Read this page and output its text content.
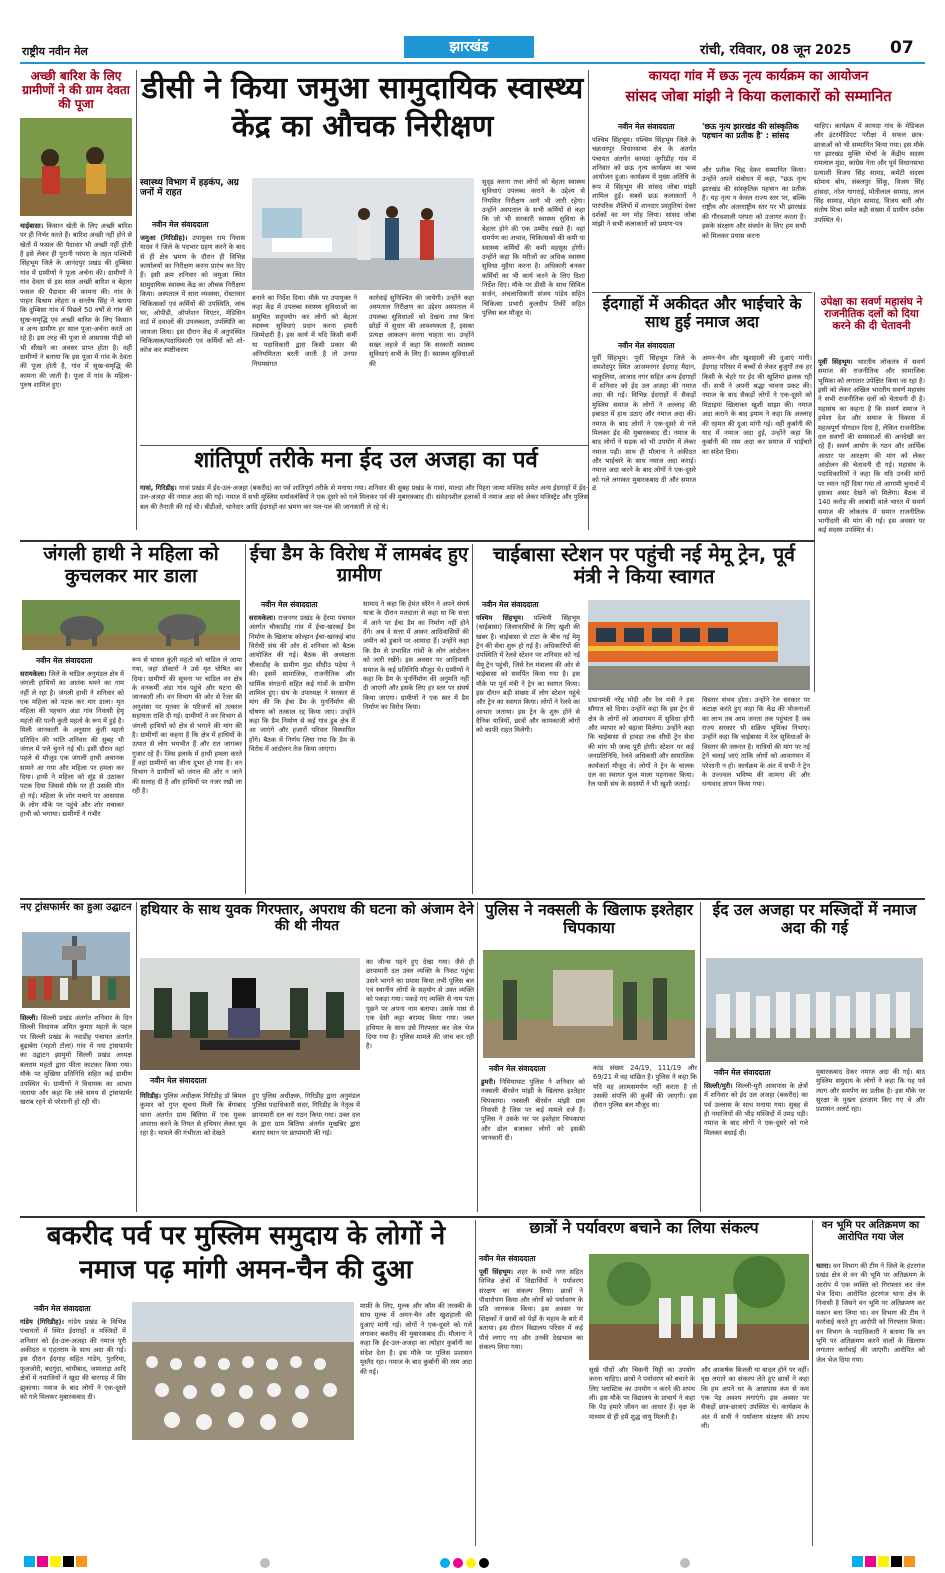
राष्ट्रीय नवीन मेल	झारखंड	रांची, रविवार, 08 जून 2025 07
अच्छी बारिश के लिए ग्रामीणों ने की ग्राम देवता की पूजा
चाईबासा। किसान खेती के लिए अच्छी बारिश पर ही निर्भर करते हैं। बारिश अच्छी नहीं होने से खेतों में फसल की पैदावार भी अच्छी नहीं होती है इसे लेकर ही पुरानी परंपरा के तहत पश्चिमी सिंहभूम जिले के आनंदपुर प्रखंड की दुम्बिसा गांव में ग्रामीणों ने पूजा अर्चना की। ग्रामीणों ने गांव देवता से इस साल अच्छी बारिश व बेहतर फसल की पैदावार की कामना की। गांव के पाहन बिश्राम लोहरा व सन्तोष सिंह ने बताया कि दुम्बिसा गांव में पिछले 50 वर्षों से गांव की सुख-समृद्धि एवं अच्छी बारिश के लिए किसान व अन्य ग्रामीण हर साल पूजा-अर्चना करते आ रहे हैं। इस तरह की पूजा से आसपास पीढ़ी को भी सीखने का अवसर प्राप्त होता है। वहीं ग्रामीणों ने बताया कि इस पूजा में गांव के देवता की पूजा होती है, गांव में सुख-समृद्धि की कामना की जाती है। पूजा में गांव के महिला-पुरुष शामिल हुए।
डीसी ने किया जमुआ सामुदायिक स्वास्थ्य केंद्र का औचक निरीक्षण
स्वास्थ्य विभाग में हड़कंप, अग्र जनों में राहत
नवीन मेल संवाददाता
जमुआ (गिरिडीह)। उपायुक्त राम निवास यादव ने जिले के पदभार ग्रहण करने के बाद से ही क्षेत्र भ्रमण के दौरान ही विभिन्न कार्यालयों का निरीक्षण करना प्रारंभ कर दिए हैं। इसी क्रम शनिवार को जमुआ स्थित सामुदायिक स्वास्थ्य केंद्र का औचक निरीक्षण किया। अस्पताल में सारा व्यवस्था, रोस्टरवार चिकित्सकों एवं कर्मियों की उपस्थिति, जांच घर, ओपीडी, ऑपरेशन थिएटर, मेडिसिन वार्ड में दवाओं की उपलब्धता, उपस्थिति का जायजा लिया। इस दौरान केंद्र में अनुपस्थित चिकित्सक/पदाधिकारी एवं कर्मियों को शो-कॉज कर स्पष्टीकरण
बनाने का निर्देश दिया। मौके पर उपायुक्त ने कहा केंद्र में उपलब्ध स्वास्थ्य सुविधाओं का समुचित सदुपयोग कर लोगों को बेहतर स्वास्थ्य सुविधाएं प्रदान करना हमारी जिम्मेदारी है। इस कार्य में यदि किसी कर्मी या पदाधिकारी द्वारा किसी प्रकार की अनियमितता बरती जाती है तो उनपर नियमसंगत
कार्रवाई सुनिश्चित की जायेगी। उन्होंने कहा अस्पताल निरीक्षण का उद्देश्य अस्पताल में उपलब्ध सुविधाओं को देखना तथा बिना छोड़ों में सुधार की आवश्यकता है, इसका प्रत्यक्ष आकलन करना चाहता था। उन्होंने सख्त लहजे में कहा कि सरकारी स्वास्थ्य सुविधाएं सभी के लिए हैं। स्वास्थ्य सुविधाओं की
सुदृढ़ करना तथा लोगों को बेहतर स्वास्थ्य सुविधाएं उपलब्ध कराने के उद्देश्य से नियमित निरीक्षण आगे भी जारी रहेगा। उन्होंने अस्पताल के सभी कर्मियों से कहा कि जो भी सरकारी स्वास्थ्य सुविधा के बेहतर होने की एक उम्मीद रखते हैं। वहां समर्पण का अभाव, चिकित्सकों की कमी या स्वास्थ्य कर्मियों की कमी महसूस होगी। उन्होंने कहा कि मरीजों का अधिक स्वास्थ्य सुविधा मुहैया करना है। अधिकारी बनकर कर्मियों का भी कार्य करने के लिए दिशा निर्देश दिए। मौके पर डीसी के साथ सिविल सर्जन, अंचलाधिकारी संजय पांडेय सहित चिकित्सा प्रभारी कुलदीप तिर्की सहित पुलिस बल मौजूद थे।
कायदा गांव में छऊ नृत्य कार्यक्रम का आयोजन
सांसद जोबा मांझी ने किया कलाकारों को सम्मानित
नवीन मेल संवाददाता
पश्चिम सिंहभूम। पश्चिम सिंहभूम जिले के चक्रधरपुर विधानसभा क्षेत्र के अंतर्गत पंचायत अंतर्गत कायदा जुगीडीह गांव में शनिवार को छऊ नृत्य कार्यक्रम का भव्य आयोजन हुआ। कार्यक्रम में मुख्य अतिथि के रूप में सिंहभूम की सांसद जोबा मांझी शामिल हुईं। सबसे छऊ कलाकारों ने पारंपरिक शैलियों में शानदार प्रस्तुतियां देकर दर्शकों का मन मोह लिया। सांसद जोबा मांझी ने सभी कलाकारों को प्रमाण-पत्र
'छऊ नृत्य झारखंड की सांस्कृतिक पहचान का प्रतीक है' : सांसद
और प्रतीक चिह्न देकर सम्मानित किया। उन्होंने अपने संबोधन में कहा, "छऊ नृत्य झारखंड की सांस्कृतिक पहचान का प्रतीक है। यह नृत्य न केवल राज्य स्तर पर, बल्कि राष्ट्रीय और अंतरराष्ट्रीय स्तर पर भी झारखंड की गौरवशाली परंपरा को उजागर करता है। इसके संरक्षण और संवर्धन के लिए हम सभी को मिलकर प्रयास करना
चाहिए। कार्यक्रम में कायदा गांव के मेडिकल और इंटरमीडिएट परीक्षा में सफल छात्र-छात्राओं को भी सम्मानित किया गया। इस मौके पर झारखंड मुक्ति मोर्चा के केंद्रीय सदस्य रामलाल मुंडा, कांग्रेस नेता और पूर्व विधानसभा प्रत्याशी विजय सिंह सामड़, कमेटी सदस्य सोमाय बोय, संबलपुर सिंकू, विजय सिंह हांसदा, नरेश गागराई, मोतीलाल सामाड़, लाल सिंह सामाड़, मोहन सामाड़, विजय बारी और संतोष मिश्रा समेत बड़ी संख्या में ग्रामीण दर्शक उपस्थित थे।
ईदगाहों में अकीदत और भाईचारे के साथ हुई नमाज अदा
नवीन मेल संवाददाता
पूर्वी सिंहभूम। पूर्वी सिंहभूम जिले के जमशेदपुर स्थित आजमनगर ईदगाह मैदान, चाकुलिया, आजाद नगर सहित अन्य ईदगाहों में शनिवार को ईद उल अजहा की नमाज अदा की गई। विभिन्न ईदगाहों में सैकड़ों मुस्लिम समाज के लोगों ने अल्लाह की इबादत में हाथ उठाए और नमाज अदा की। नमाज के बाद लोगों ने एक-दूसरे से गले मिलकर ईद की मुबारकबाद दी। नमाज के बाद लोगों ने सड़क को भी उपयोग में लेकर नमाज पढ़ी। साथ ही मौलाना ने अकीदत और भाईचारे के साथ नमाज अदा कराई। नमाज अदा करने के बाद लोगों ने एक-दूसरे को गले लगाकर मुबारकबाद दी और समाज में
अमन-चैन और खुशहाली की दुआएं मांगी। ईदगाह परिसर में बच्चों से लेकर बुजुर्गों तक हर किसी के चेहरे पर ईद की खुशियां झलक रही थीं। सभी ने अपनी श्रद्धा भावना प्रकट की। नमाज के बाद सैकड़ों लोगों ने एक-दूसरे को मिठाइयां खिलाकर खुशी साझा की। नमाज अदा कराने के बाद इमाम ने कहा कि अल्लाह की रहमत की दुआ मांगी गई। वहीं कुर्बानी की याद में नमाज अदा हुई, उन्होंने कहा कि कुर्बानी की रस्म अदा कर समाज में भाईचारे का संदेश दिया।
उपेक्षा का सवर्ण महासंघ ने राजनीतिक दलों को दिया करने की दी चेतावनी
पूर्वी सिंहभूम। भारतीय लोकतंत्र में सवर्ण समाज की राजनीतिक और सामाजिक भूमिका को लगातार उपेक्षित किया जा रहा है। इसी को लेकर अखिल भारतीय सवर्ण महासंघ ने सभी राजनीतिक दलों को चेतावनी दी है। महासंघ का कहना है कि सवर्ण समाज ने हमेशा देश और समाज के विकास में महत्वपूर्ण योगदान दिया है, लेकिन राजनीतिक दल सवर्णों की समस्याओं की अनदेखी कर रहे हैं। सवर्ण आयोग के गठन और आर्थिक आधार पर आरक्षण की मांग को लेकर आंदोलन की चेतावनी दी गई। महासंघ के पदाधिकारियों ने कहा कि यदि उनकी मांगों पर ध्यान नहीं दिया गया तो आगामी चुनावों में इसका असर देखने को मिलेगा। बैठक में 140 करोड़ की आबादी वाले भारत में सवर्ण समाज की लोकतंत्र में समान राजनीतिक भागीदारी की मांग की गई। इस अवसर पर कई सदस्य उपस्थित थे।
शांतिपूर्ण तरीके मना ईद उल अजहा का पर्व
गावां, गिरिडीह। गावां प्रखंड में ईद-उल-अजहा (बकरीद) का पर्व शांतिपूर्ण तरीके से मनाया गया। शनिवार की सुबह प्रखंड के गावां, माल्डा और पिहरा जामा मस्जिद समेत अन्य ईदगाहों में ईद-उल-अजहा की नमाज अदा की गई। नमाज में सभी मुस्लिम धर्मावलंबियों ने एक दूसरे को गले मिलकर पर्व की मुबारकबाद दी। संवेदनशील इलाकों में नमाज अदा को लेकर मजिस्ट्रेट और पुलिस बल की तैनाती की गई थी। बीडीओ, थानेदार आदि ईदगाहों का भ्रमण कर पल-पल की जानकारी ले रहे थे।
जंगली हाथी ने महिला को कुचलकर मार डाला
नवीन मेल संवाददाता
सरायकेला। जिले के चांडिल अनुमंडल क्षेत्र में जंगली हाथियों का आतंक थमने का नाम नहीं ले रहा है। जंगली हाथी ने शनिवार को एक महिला को पटक कर मार डाला। मृत महिला की पहचान अंडा गांव निवासी हेमू महतो की पत्नी कुंती महतो के रूप में हुई है। मिली जानकारी के अनुसार कुंती महतो प्रतिदिन की भांति शनिवार की सुबह भी जंगल में पत्ते चुनने गई थी। इसी दौरान वहां पहले से मौजूद एक जंगली हाथी अचानक सामने आ गया और महिला पर हमला कर दिया। हाथी ने महिला को सूंड़ से उठाकर पटक दिया जिससे मौके पर ही उसकी मौत हो गई। महिला के शोर मचाने पर आसपास के लोग मौके पर पहुंचे और शोर मचाकर हाथी को भगाया। ग्रामीणों ने गंभीर
रूप से घायल कुंती महतो को चांडिल ले जाया गया, जहां डॉक्टरों ने उसे मृत घोषित कर दिया। ग्रामीणों की सूचना पर चांडिल वन क्षेत्र के वनकर्मी अंडा गांव पहुंचे और घटना की जानकारी ली। वन विभाग की ओर से रेंजर की अनुशंसा पर मृतका के परिजनों को तत्काल सहायता राशि दी गई। ग्रामीणों ने वन विभाग से जंगली हाथियों को क्षेत्र से भगाने की मांग की है। ग्रामीणों का कहना है कि क्षेत्र में हाथियों के उत्पात से लोग भयभीत हैं और रात जागकर गुजार रहे हैं। जिस इलाके में हाथी हमला करते हैं वहां ग्रामीणों का जीना दूभर हो गया है। वन विभाग ने ग्रामीणों को जंगल की ओर न जाने की सलाह दी है और हाथियों पर नजर रखी जा रही है।
ईचा डैम के विरोध में लामबंद हुए ग्रामीण
नवीन मेल संवाददाता
सरायकेला। राजनगर प्रखंड के हेरमा पंचायत अंतर्गत चौकाडीह गांव में ईचा-खरकई डैम निर्माण के खिलाफ कोल्हान ईचा-खरकई बांध विरोधी संघ की ओर से शनिवार को बैठक आयोजित की गई। बैठक की अध्यक्षता चौकाडीह के ग्रामीण मुंडा सीदीउ पड़ेया ने की। इसमें सामाजिक, राजनीतिक और धार्मिक संगठनों सहित कई गांवों के ग्रामीण शामिल हुए। संघ के उपाध्यक्ष ने सरकार से मांग की कि ईचा डैम के पुनर्निर्माण की घोषणा को तत्काल रद्द किया जाए। उन्होंने कहा कि डैम निर्माण से कई गांव डूब क्षेत्र में आ जाएंगे और हजारों परिवार विस्थापित होंगे। बैठक में निर्णय लिया गया कि डैम के विरोध में आंदोलन तेज किया जाएगा।
सामाद ने कहा कि हेमंत सोरेन ने अपने संघर्ष यात्रा के दौरान मतदाता से कहा था कि सत्ता में आने पर ईचा डैम का निर्माण नहीं होने देंगे। अब वे सत्ता में आकर आदिवासियों की जमीन को डुबाने पर आमादा हैं। उन्होंने कहा कि डैम से प्रभावित गांवों के लोग आंदोलन को जारी रखेंगे। इस अवसर पर आदिवासी समाज के कई प्रतिनिधि मौजूद थे। ग्रामीणों ने कहा कि डैम के पुनर्निर्माण की अनुमति नहीं दी जाएगी और इसके लिए हर स्तर पर संघर्ष किया जाएगा। ग्रामीणों ने एक स्वर में डैम निर्माण का विरोध किया।
चाईबासा स्टेशन पर पहुंची नई मेमू ट्रेन, पूर्व मंत्री ने किया स्वागत
नवीन मेल संवाददाता
पश्चिम सिंहभूम। पश्चिमी सिंहभूम (चाईबासा) जिलावासियों के लिए खुशी की खबर है। चाईबासा से टाटा के बीच नई मेमू ट्रेन की सेवा शुरू हो गई है। अधिकारियों की उपस्थिति में रेलवे स्टेशन पर शनिवार को नई मेमू ट्रेन पहुंची, जिसे रेल मंत्रालय की ओर से चाईबासा को समर्पित किया गया है। इस मौके पर पूर्व मंत्री ने ट्रेन का स्वागत किया। इस दौरान बड़ी संख्या में लोग स्टेशन पहुंचे और ट्रेन का स्वागत किया। लोगों ने रेलवे का आभार जताया। इस ट्रेन के शुरू होने से दैनिक यात्रियों, छात्रों और कामकाजी लोगों को काफी राहत मिलेगी।
प्रधानमंत्री नरेंद्र मोदी और रेल मंत्री ने इस सौगात को दिया। उन्होंने कहा कि इस ट्रेन से क्षेत्र के लोगों को आवागमन में सुविधा होगी और व्यापार को बढ़ावा मिलेगा। उन्होंने कहा कि चाईबासा से हावड़ा तक सीधी ट्रेन सेवा की मांग भी जल्द पूरी होगी। स्टेशन पर कई जनप्रतिनिधि, रेलवे अधिकारी और सामाजिक कार्यकर्ता मौजूद थे। लोगों ने ट्रेन के चालक दल का स्वागत फूल माला पहनाकर किया। रेल यात्री संघ के सदस्यों ने भी खुशी जताई।
विस्तार संभव होता। उन्होंने रेल सरकार पर कटाक्ष करते हुए कहा कि केंद्र की योजनाओं का लाभ तब आम जनता तक पहुंचता है जब राज्य सरकार भी सक्रिय भूमिका निभाए। उन्होंने कहा कि चाईबासा में रेल सुविधाओं के विस्तार की जरूरत है। यात्रियों की मांग पर नई ट्रेनें चलाई जाएं ताकि लोगों को आवागमन में परेशानी न हो। कार्यक्रम के अंत में सभी ने ट्रेन के उज्ज्वल भविष्य की कामना की और धन्यवाद ज्ञापन किया गया।
नए ट्रांसफार्मर का हुआ उद्घाटन
सिल्ली। सिल्ली प्रखंड अंतर्गत शनिवार के दिन सिल्ली विधायक अमित कुमार महतो के पहल पर सिल्ली प्रखंड के नवाडीह पंचायत अंतर्गत बुढ़ाबेरा (महतो टोला) गांव में नया ट्रांसफार्मर का उद्घाटन झामुमो सिल्ली प्रखंड अध्यक्ष बलराम महतो द्वारा फीता काटकर किया गया। मौके पर मुखिया प्रतिनिधि सहित कई ग्रामीण उपस्थित थे। ग्रामीणों ने विधायक का आभार जताया और कहा कि लंबे समय से ट्रांसफार्मर खराब रहने से परेशानी हो रही थी।
हथियार के साथ युवक गिरफ्तार, अपराध की घटना को अंजाम देने की थी नीयत
नवीन मेल संवाददाता
गिरिडीह। पुलिस अधीक्षक गिरिडीह डॉ बिमल कुमार को गुप्त सूचना मिली कि बेंगाबाद थाना अंतर्गत ग्राम बितिया में एक युवक अपराध करने के नियत से हथियार लेकर घूम रहा है। मामले की गंभीरता को देखते
हुए पुलिस अधीक्षक, गिरिडीह द्वारा अनुमंडल पुलिस पदाधिकारी सदर, गिरिडीह के नेतृत्व में छापामारी दल का गठन किया गया। उक्त दल के द्वारा ग्राम बितिया अंतर्गत मुखबिर द्वारा बताए स्थान पर छापामारी की गई।
का जीन्स पहने हुए देखा गया। जैसे ही छापामारी दल उक्त व्यक्ति के निकट पहुंचा उसने भागने का प्रयास किया तभी पुलिस बल एवं स्थानीय लोगों के सहयोग से उक्त व्यक्ति को पकड़ा गया। पकड़े गए व्यक्ति से नाम पता पूछने पर अपना नाम बताया। उसके पास से एक देसी कट्टा बरामद किया गया। जब्त हथियार के साथ उसे गिरफ्तार कर जेल भेज दिया गया है। पुलिस मामले की जांच कर रही है।
पुलिस ने नक्सली के खिलाफ इश्तेहार चिपकाया
नवीन मेल संवाददाता
डुमरी। निमियाघाट पुलिस ने शनिवार को नक्सली बीरसेन मांझी के खिलाफ इश्तेहार चिपकाया। नक्सली बीरसेन मांझी ग्राम निवासी है जिस पर कई मामले दर्ज हैं। पुलिस ने उसके घर पर इश्तेहार चिपकाया और ढोल बजाकर लोगों को इसकी जानकारी दी।
कांड संख्या 24/19, 111/19 और 69/21 में वह वांछित है। पुलिस ने कहा कि यदि वह आत्मसमर्पण नहीं करता है तो उसकी संपत्ति की कुर्की की जाएगी। इस दौरान पुलिस बल मौजूद था।
ईद उल अजहा पर मस्जिदों में नमाज अदा की गई
नवीन मेल संवाददाता
सिल्ली/मुरी। सिल्ली-मुरी आसपास के क्षेत्रों में शनिवार को ईद उल अजहा (बकरीद) का पर्व उल्लास के साथ मनाया गया। सुबह से ही नमाजियों की भीड़ मस्जिदों में उमड़ पड़ी। नमाज के बाद लोगों ने एक-दूसरे को गले मिलकर बधाई दी।
मुबारकबाद देकर नमाज अदा की गई। बाद मुस्लिम समुदाय के लोगों ने कहा कि यह पर्व त्याग और समर्पण का प्रतीक है। इस मौके पर सुरक्षा के पुख्ता इंतजाम किए गए थे और प्रशासन अलर्ट रहा।
बकरीद पर्व पर मुस्लिम समुदाय के लोगों ने नमाज पढ़ मांगी अमन-चैन की दुआ
नवीन मेल संवाददाता
गांडेय (गिरिडीह)। गांडेय प्रखंड के विभिन्न पंचायतों में स्थित ईदगाहों व मस्जिदों में शनिवार को ईद-उल-अजहा की नमाज पूरी अकीदत व एहतराम के साथ अदा की गई। इस दौरान ईदगाह सहित गांडेय, पुतरिया, फुलजोरी, बदगुंदा, चांयीबाद, जामताड़ा आदि क्षेत्रों में नमाजियों ने खुदा की बारगाह में सिर झुकाया। नमाज के बाद लोगों ने एक-दूसरे को गले मिलकर मुबारकबाद दी।
माफ़ी के लिए, मुल्क और कौम की तरक्की के साथ मुल्क में अमन-चैन और खुशहाली की दुआएं मांगी गईं। लोगों ने एक-दूसरे को गले लगाकर बकरीद की मुबारकबाद दी। मौलाना ने कहा कि ईद-उल-अजहा का त्योहार कुर्बानी का संदेश देता है। इस मौके पर पुलिस प्रशासन मुस्तैद रहा। नमाज के बाद कुर्बानी की रस्म अदा की गई।
छात्रों ने पर्यावरण बचाने का लिया संकल्प
नवीन मेल संवाददाता
पूर्वी सिंहभूम। शहर के सभी नगर सहित विभिन्न क्षेत्रों में विद्यार्थियों ने पर्यावरण संरक्षण का संकल्प लिया। छात्रों ने पौधारोपण किया और लोगों को पर्यावरण के प्रति जागरूक किया। इस अवसर पर शिक्षकों ने छात्रों को पेड़ों के महत्व के बारे में बताया। इस दौरान विद्यालय परिसर में कई पौधे लगाए गए और उनकी देखभाल का संकल्प लिया गया।
सूखे पौधों और चिकनी मिट्टी का उपयोग करना चाहिए। छात्रों ने पर्यावरण को बचाने के लिए प्लास्टिक का उपयोग न करने की शपथ ली। इस मौके पर विद्यालय के प्राचार्य ने कहा कि पेड़ हमारे जीवन का आधार हैं। वृक्ष के माध्यम से ही हमें शुद्ध वायु मिलती है।
और आकर्षक बिजली या बादल होने पर वहीं। वृक्ष लगाने का संकल्प लेते हुए छात्रों ने कहा कि हम अपने घर के आसपास कम से कम एक पेड़ अवश्य लगाएंगे। इस अवसर पर सैकड़ों छात्र-छात्राएं उपस्थित थे। कार्यक्रम के अंत में सभी ने पर्यावरण संरक्षण की शपथ ली।
वन भूमि पर अतिक्रमण का आरोपित गया जेल
चतरा। वन विभाग की टीम ने जिले के हंटरगंज प्रखंड क्षेत्र से वन की भूमि पर अतिक्रमण के आरोप में एक व्यक्ति को गिरफ्तार कर जेल भेज दिया। आरोपित हंटरगंज थाना क्षेत्र के निवासी है जिसने वन भूमि पर अतिक्रमण कर मकान बना लिया था। वन विभाग की टीम ने कार्रवाई करते हुए आरोपी को गिरफ्तार किया। वन विभाग के पदाधिकारी ने बताया कि वन भूमि पर अतिक्रमण करने वालों के खिलाफ लगातार कार्रवाई की जाएगी। आरोपित को जेल भेज दिया गया।
